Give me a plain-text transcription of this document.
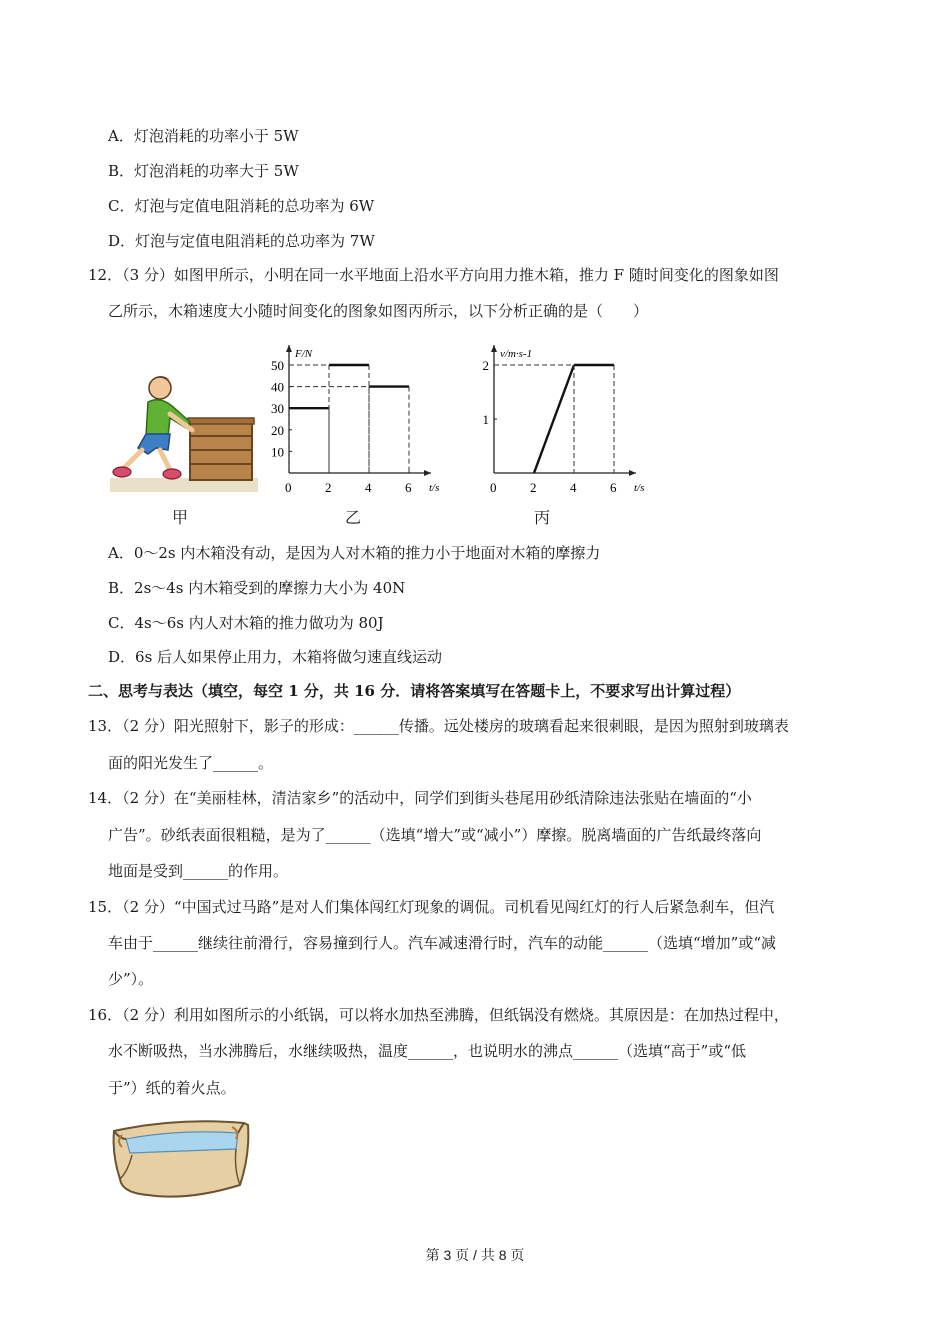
A．灯泡消耗的功率小于 5W
B．灯泡消耗的功率大于 5W
C．灯泡与定值电阻消耗的总功率为 6W
D．灯泡与定值电阻消耗的总功率为 7W
12．（3 分）如图甲所示，小明在同一水平地面上沿水平方向用力推木箱，推力 F 随时间变化的图象如图
乙所示，木箱速度大小随时间变化的图象如图丙所示，以下分析正确的是（　　）
t/s
F/N
0	2	4	6
10
20
30
40
50
t/s
v/m·s-1
0	2	4	6
1
2
甲	乙	丙
A．0～2s 内木箱没有动，是因为人对木箱的推力小于地面对木箱的摩擦力
B．2s～4s 内木箱受到的摩擦力大小为 40N
C．4s～6s 内人对木箱的推力做功为 80J
D．6s 后人如果停止用力，木箱将做匀速直线运动
二、思考与表达（填空，每空 1 分，共 16 分．请将答案填写在答题卡上，不要求写出计算过程）
13．（2 分）阳光照射下，影子的形成：______传播。远处楼房的玻璃看起来很刺眼，是因为照射到玻璃表
面的阳光发生了______。
14．（2 分）在“美丽桂林，清洁家乡”的活动中，同学们到街头巷尾用砂纸清除违法张贴在墙面的“小
广告”。砂纸表面很粗糙，是为了______（选填“增大”或“减小”）摩擦。脱离墙面的广告纸最终落向
地面是受到______的作用。
15．（2 分）“中国式过马路”是对人们集体闯红灯现象的调侃。司机看见闯红灯的行人后紧急刹车，但汽
车由于______继续往前滑行，容易撞到行人。汽车减速滑行时，汽车的动能______（选填“增加”或“减
少”）。
16．（2 分）利用如图所示的小纸锅，可以将水加热至沸腾，但纸锅没有燃烧。其原因是：在加热过程中，
水不断吸热，当水沸腾后，水继续吸热，温度______，也说明水的沸点______（选填“高于”或“低
于”）纸的着火点。
第 3 页 / 共 8 页
